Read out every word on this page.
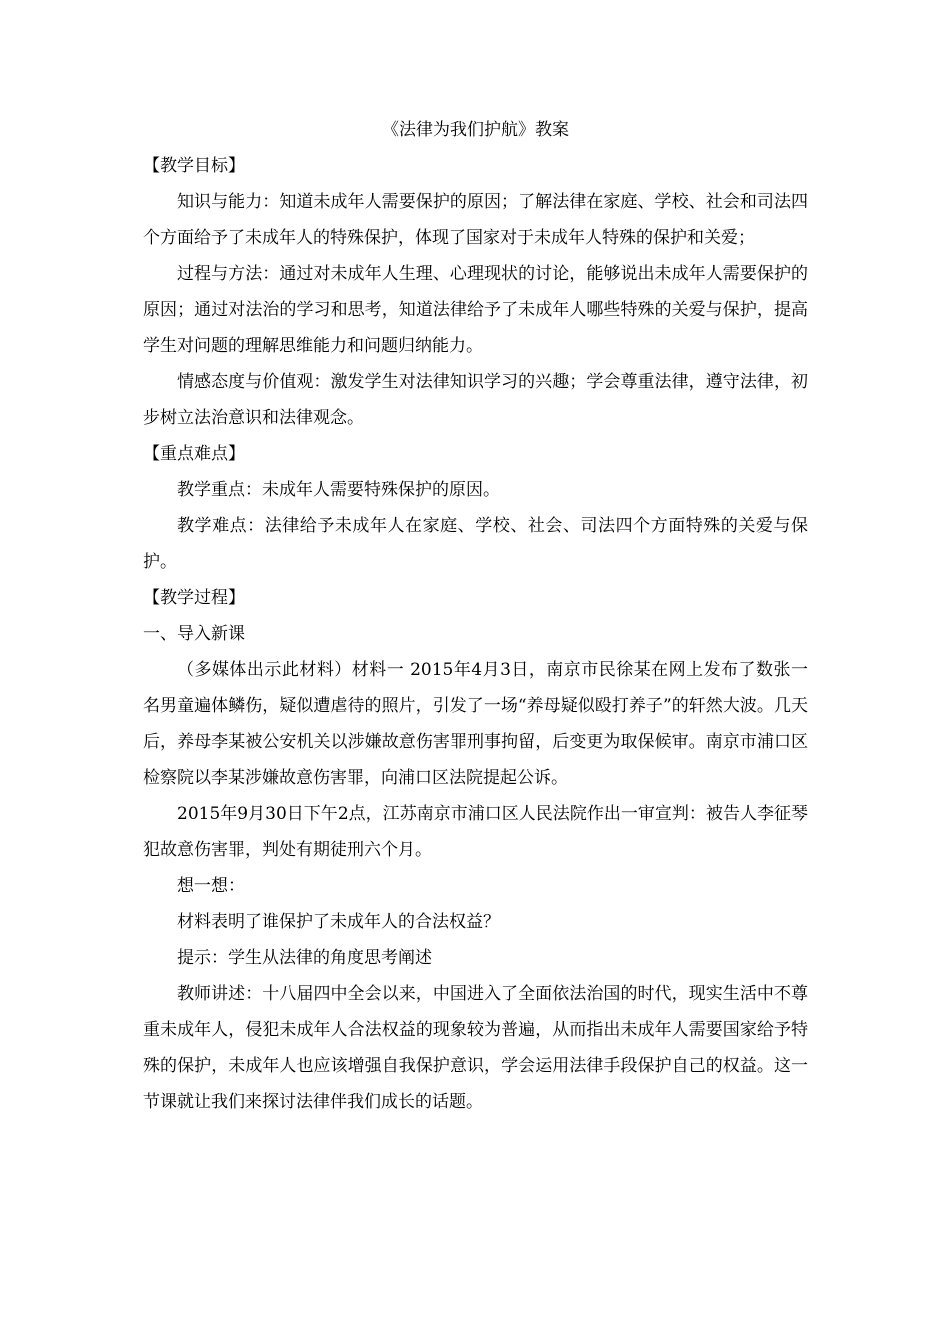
《法律为我们护航》教案

【教学目标】

知识与能力：知道未成年人需要保护的原因；了解法律在家庭、学校、社会和司法四个方面给予了未成年人的特殊保护，体现了国家对于未成年人特殊的保护和关爱；

过程与方法：通过对未成年人生理、心理现状的讨论，能够说出未成年人需要保护的原因；通过对法治的学习和思考，知道法律给予了未成年人哪些特殊的关爱与保护，提高学生对问题的理解思维能力和问题归纳能力。

情感态度与价值观：激发学生对法律知识学习的兴趣；学会尊重法律，遵守法律，初步树立法治意识和法律观念。

【重点难点】

教学重点：未成年人需要特殊保护的原因。

教学难点：法律给予未成年人在家庭、学校、社会、司法四个方面特殊的关爱与保护。

【教学过程】

一、导入新课

（多媒体出示此材料）材料一 2015年4月3日，南京市民徐某在网上发布了数张一名男童遍体鳞伤，疑似遭虐待的照片，引发了一场“养母疑似殴打养子”的轩然大波。几天后，养母李某被公安机关以涉嫌故意伤害罪刑事拘留，后变更为取保候审。南京市浦口区检察院以李某涉嫌故意伤害罪，向浦口区法院提起公诉。

2015年9月30日下午2点，江苏南京市浦口区人民法院作出一审宣判：被告人李征琴犯故意伤害罪，判处有期徒刑六个月。

想一想：

材料表明了谁保护了未成年人的合法权益？

提示：学生从法律的角度思考阐述

教师讲述：十八届四中全会以来，中国进入了全面依法治国的时代，现实生活中不尊重未成年人，侵犯未成年人合法权益的现象较为普遍，从而指出未成年人需要国家给予特殊的保护，未成年人也应该增强自我保护意识，学会运用法律手段保护自己的权益。这一节课就让我们来探讨法律伴我们成长的话题。
